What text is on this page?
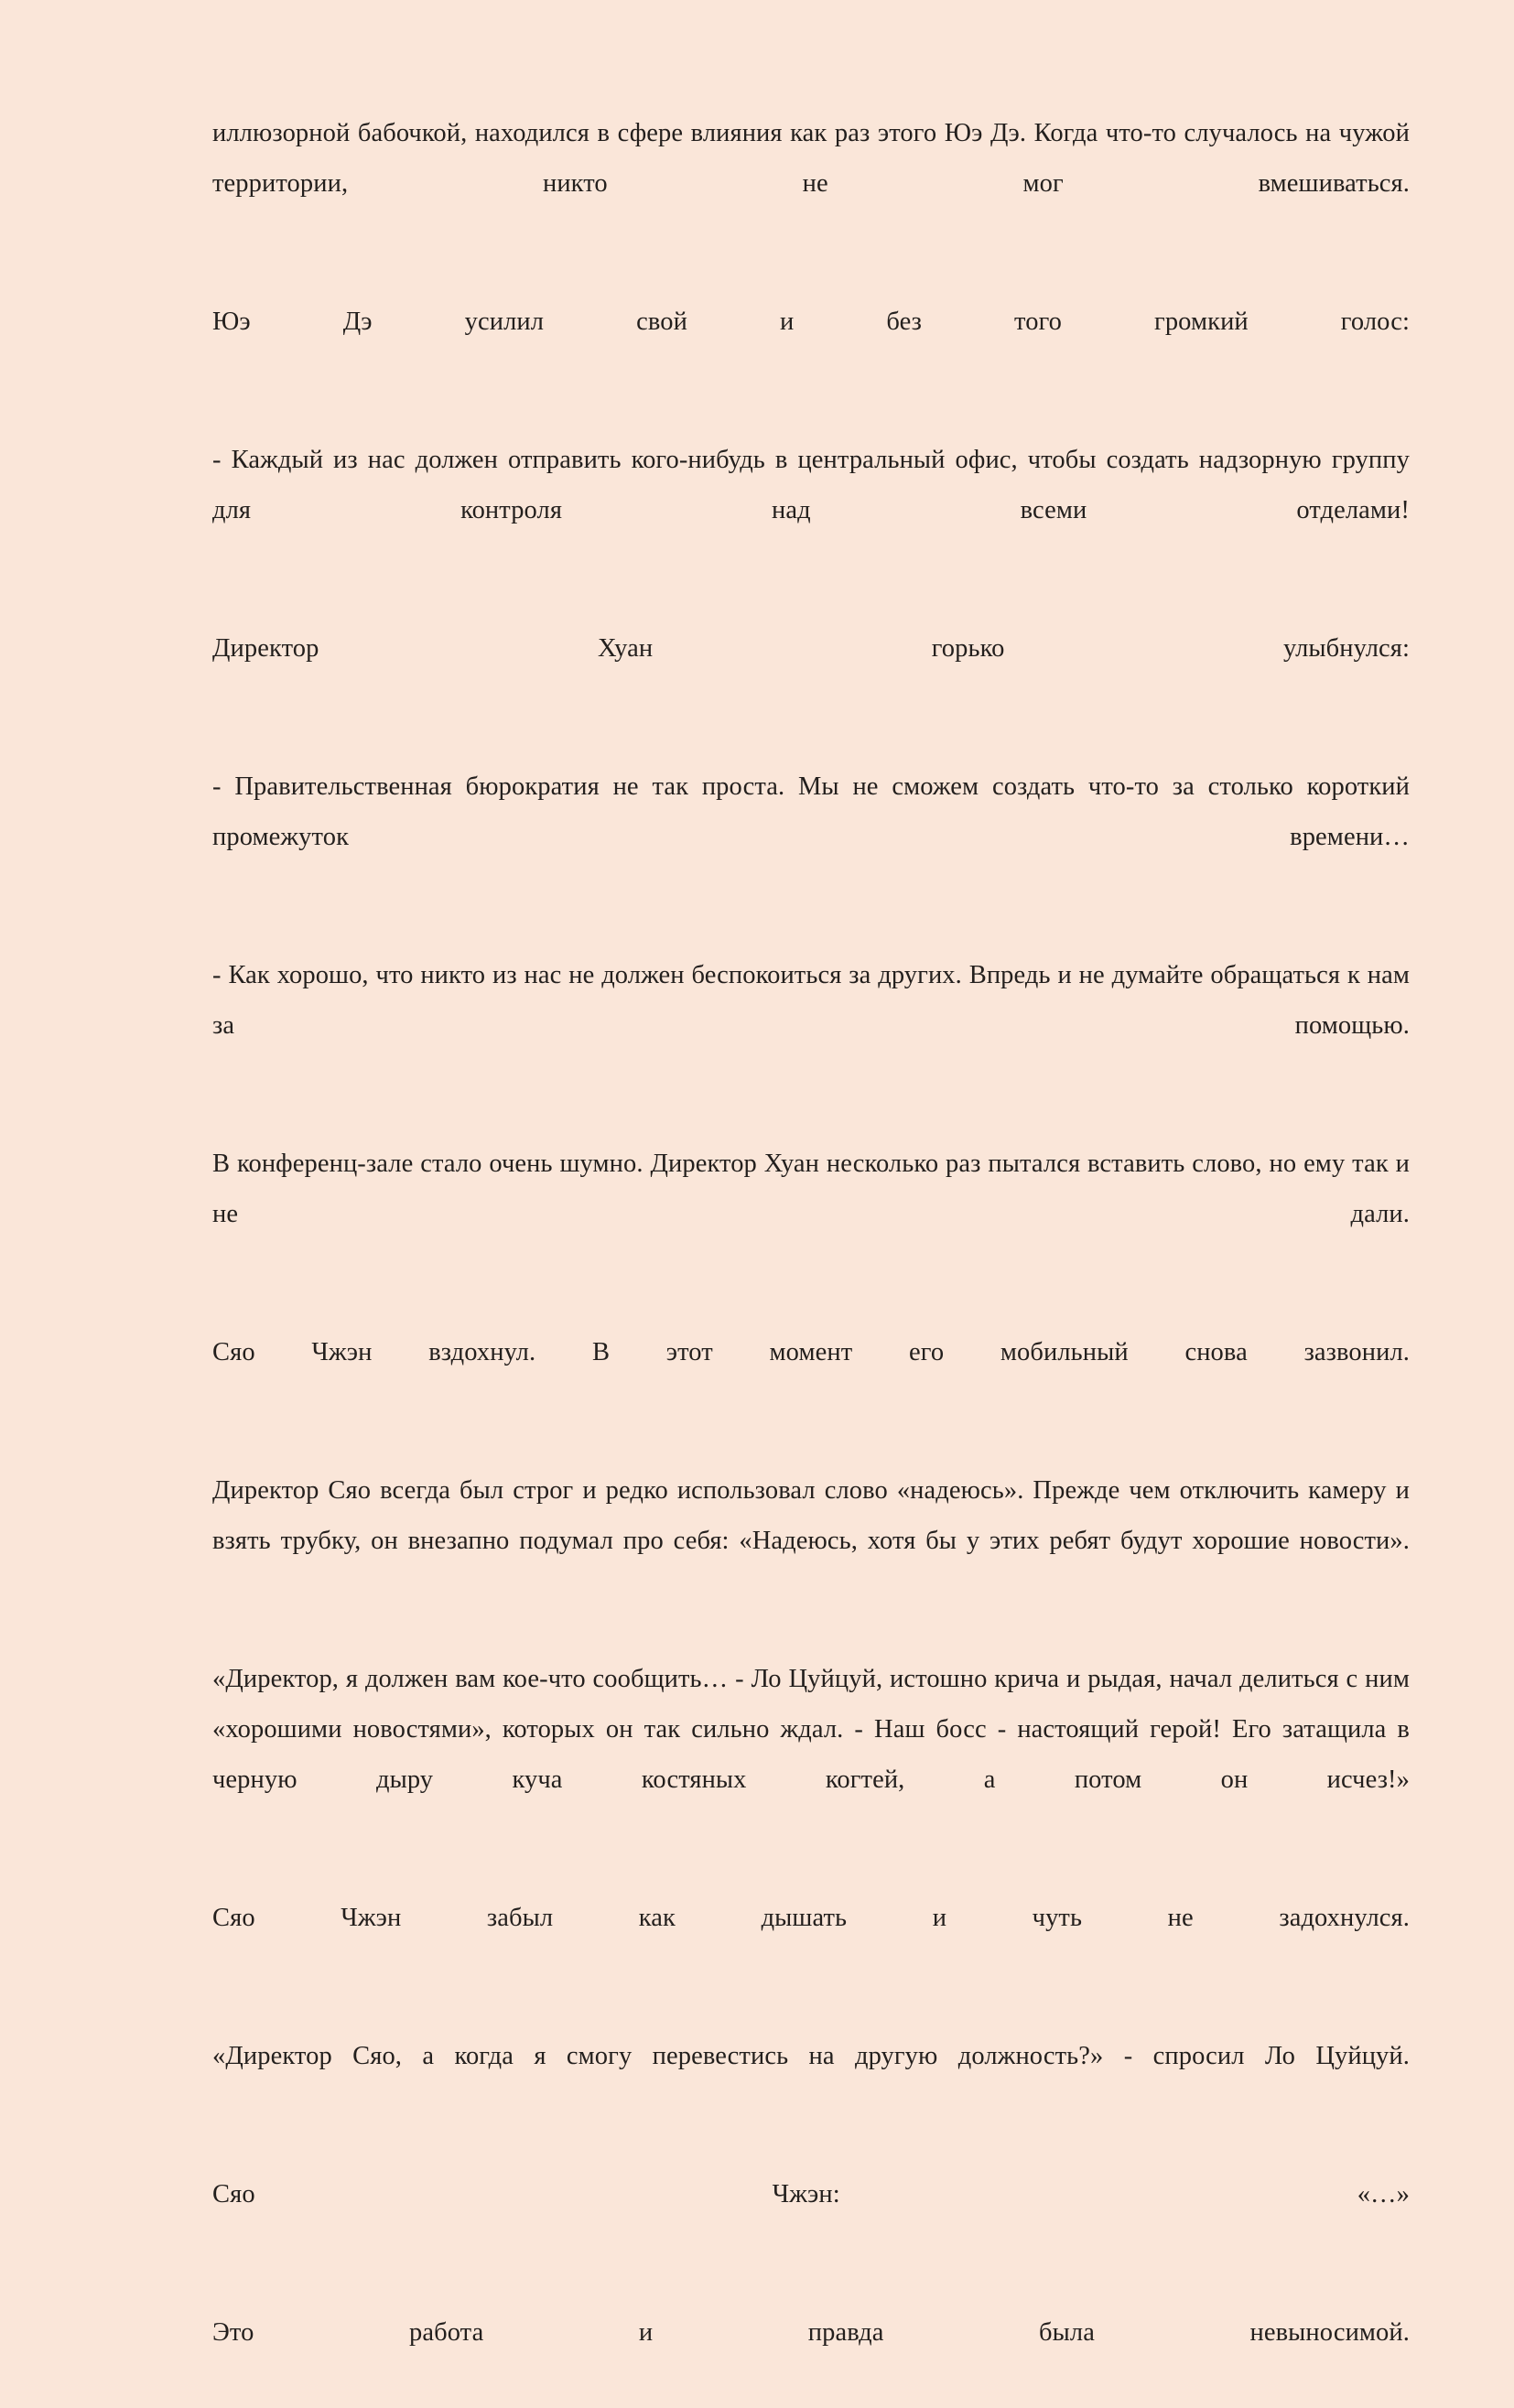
иллюзорной бабочкой, находился в сфере влияния как раз этого Юэ Дэ. Когда что-то случалось на чужой территории, никто не мог вмешиваться.

Юэ Дэ усилил свой и без того громкий голос:

- Каждый из нас должен отправить кого-нибудь в центральный офис, чтобы создать надзорную группу для контроля над всеми отделами!

Директор Хуан горько улыбнулся:

- Правительственная бюрократия не так проста. Мы не сможем создать что-то за столько короткий промежуток времени…

- Как хорошо, что никто из нас не должен беспокоиться за других. Впредь и не думайте обращаться к нам за помощью.

В конференц-зале стало очень шумно. Директор Хуан несколько раз пытался вставить слово, но ему так и не дали.

Сяо Чжэн вздохнул. В этот момент его мобильный снова зазвонил.

Директор Сяо всегда был строг и редко использовал слово «надеюсь». Прежде чем отключить камеру и взять трубку, он внезапно подумал про себя: «Надеюсь, хотя бы у этих ребят будут хорошие новости».

«Директор, я должен вам кое-что сообщить… - Ло Цуйцуй, истошно крича и рыдая, начал делиться с ним «хорошими новостями», которых он так сильно ждал. - Наш босс - настоящий герой! Его затащила в черную дыру куча костяных когтей, а потом он исчез!»

Сяо Чжэн забыл как дышать и чуть не задохнулся.

«Директор Сяо, а когда я смогу перевестись на другую должность?» - спросил Ло Цуйцуй.

Сяо Чжэн: «…»

Это работа и правда была невыносимой.
